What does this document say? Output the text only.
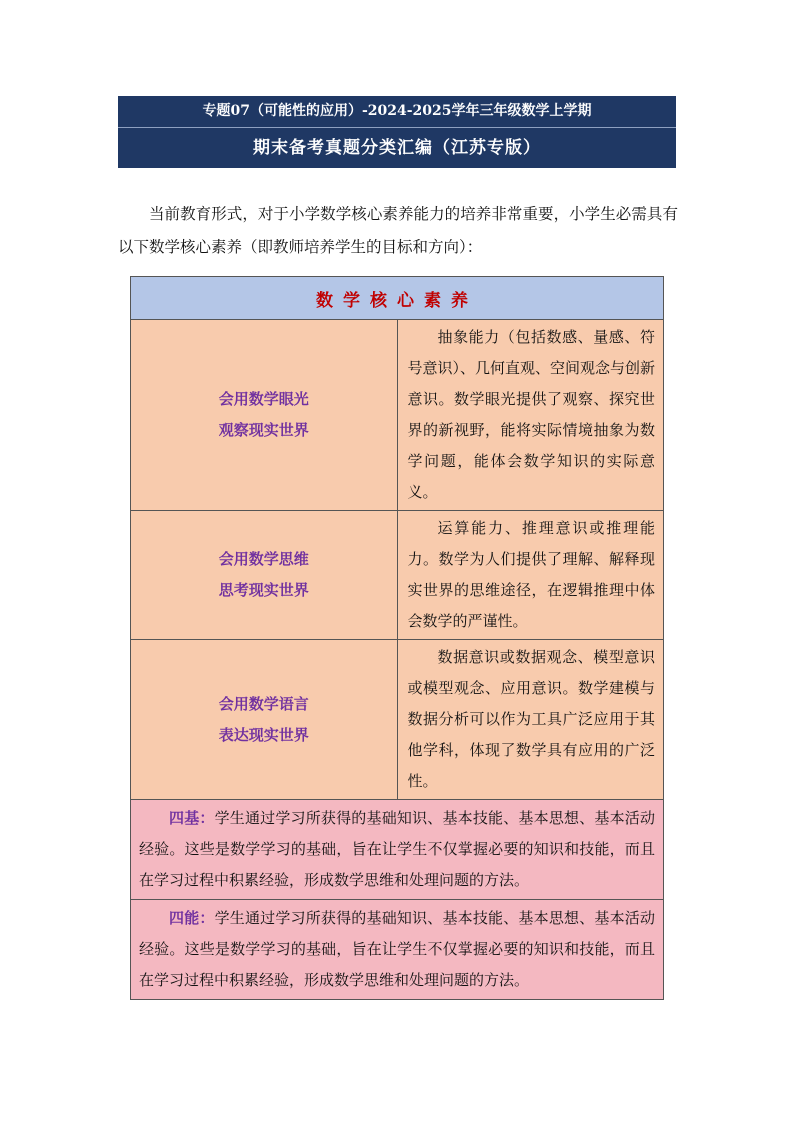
专题07（可能性的应用）-2024-2025学年三年级数学上学期
期末备考真题分类汇编（江苏专版）

当前教育形式，对于小学数学核心素养能力的培养非常重要，小学生必需具有以下数学核心素养（即教师培养学生的目标和方向）：

数学核心素养	

会用数学眼光
观察现实世界	抽象能力（包括数感、量感、符号意识）、几何直观、空间观念与创新意识。数学眼光提供了观察、探究世界的新视野，能将实际情境抽象为数学问题，能体会数学知识的实际意义。

会用数学思维
思考现实世界	运算能力、推理意识或推理能力。数学为人们提供了理解、解释现实世界的思维途径，在逻辑推理中体会数学的严谨性。

会用数学语言
表达现实世界	数据意识或数据观念、模型意识或模型观念、应用意识。数学建模与数据分析可以作为工具广泛应用于其他学科，体现了数学具有应用的广泛性。
四基：学生通过学习所获得的基础知识、基本技能、基本思想、基本活动经验。这些是数学学习的基础，旨在让学生不仅掌握必要的知识和技能，而且在学习过程中积累经验，形成数学思维和处理问题的方法。	
四能：学生通过学习所获得的基础知识、基本技能、基本思想、基本活动经验。这些是数学学习的基础，旨在让学生不仅掌握必要的知识和技能，而且在学习过程中积累经验，形成数学思维和处理问题的方法。	
